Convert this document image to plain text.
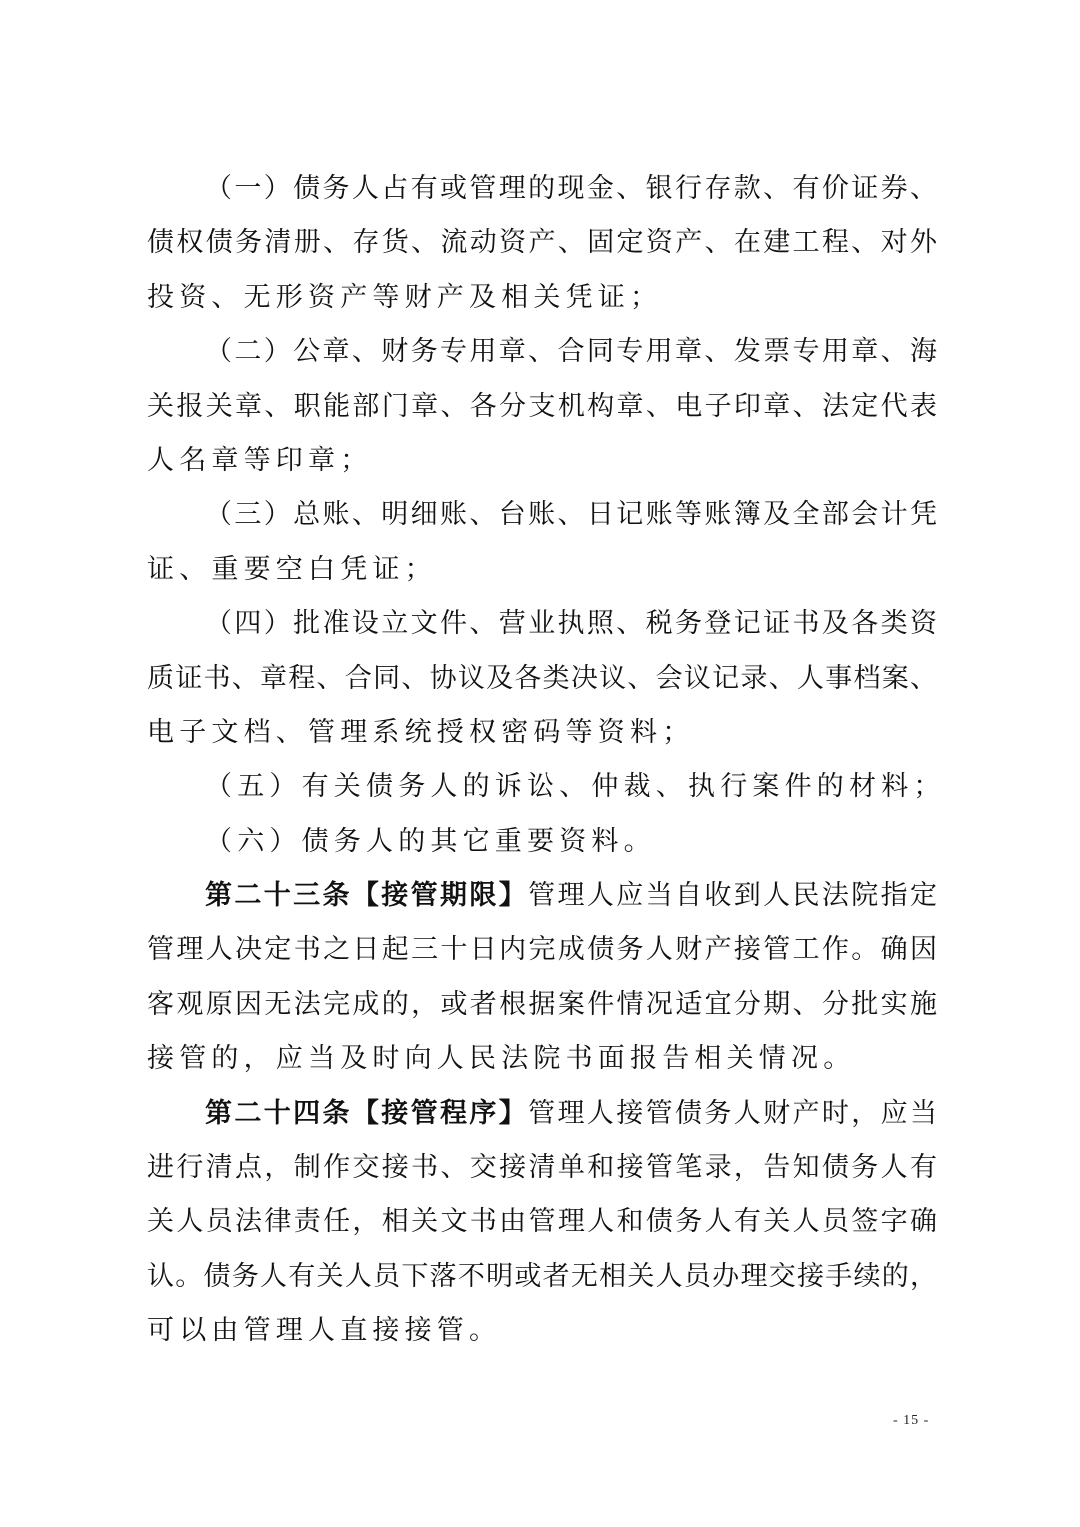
（一）债务人占有或管理的现金、银行存款、有价证券、
债权债务清册、存货、流动资产、固定资产、在建工程、对外
投资、无形资产等财产及相关凭证；
（二）公章、财务专用章、合同专用章、发票专用章、海
关报关章、职能部门章、各分支机构章、电子印章、法定代表
人名章等印章；
（三）总账、明细账、台账、日记账等账簿及全部会计凭
证、重要空白凭证；
（四）批准设立文件、营业执照、税务登记证书及各类资
质证书、章程、合同、协议及各类决议、会议记录、人事档案、
电子文档、管理系统授权密码等资料；
（五）有关债务人的诉讼、仲裁、执行案件的材料；
（六）债务人的其它重要资料。
第二十三条【接管期限】管理人应当自收到人民法院指定
管理人决定书之日起三十日内完成债务人财产接管工作。确因
客观原因无法完成的，或者根据案件情况适宜分期、分批实施
接管的，应当及时向人民法院书面报告相关情况。
第二十四条【接管程序】管理人接管债务人财产时，应当
进行清点，制作交接书、交接清单和接管笔录，告知债务人有
关人员法律责任，相关文书由管理人和债务人有关人员签字确
认。债务人有关人员下落不明或者无相关人员办理交接手续的，
可以由管理人直接接管。
- 15 -
